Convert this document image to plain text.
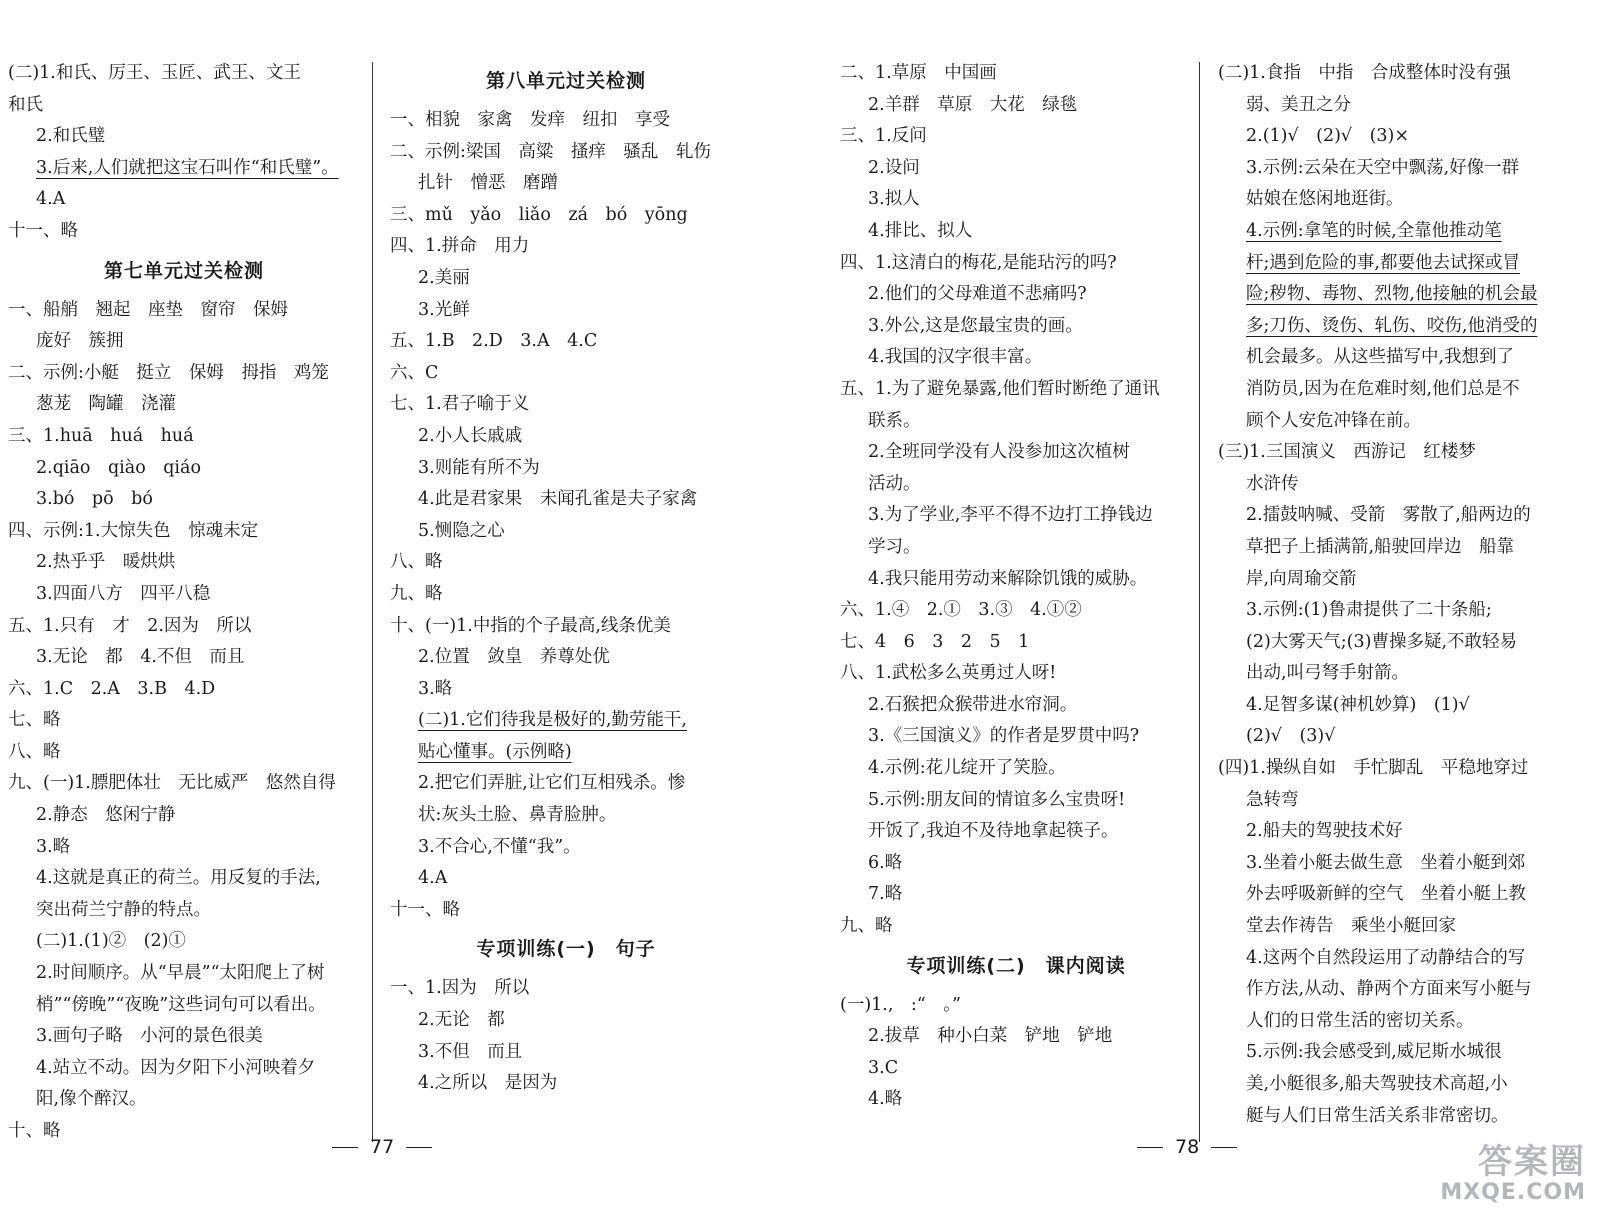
(二)1.和氏、厉王、玉匠、武王、文王
和氏
2.和氏璧
3.后来,人们就把这宝石叫作“和氏璧”。
4.A
十一、略
第七单元过关检测
一、船艄　翘起　座垫　窗帘　保姆
庞好　簇拥
二、示例:小艇　挺立　保姆　拇指　鸡笼
葱茏　陶罐　浇灌
三、1.huā　huá　huá
2.qiāo　qiào　qiáo
3.bó　pō　bó
四、示例:1.大惊失色　惊魂未定
2.热乎乎　暖烘烘
3.四面八方　四平八稳
五、1.只有　才　2.因为　所以
3.无论　都　4.不但　而且
六、1.C　2.A　3.B　4.D
七、略
八、略
九、(一)1.膘肥体壮　无比威严　悠然自得
2.静态　悠闲宁静
3.略
4.这就是真正的荷兰。用反复的手法,
突出荷兰宁静的特点。
(二)1.(1)②　(2)①
2.时间顺序。从“早晨”“太阳爬上了树
梢”“傍晚”“夜晚”这些词句可以看出。
3.画句子略　小河的景色很美
4.站立不动。因为夕阳下小河映着夕
阳,像个醉汉。
十、略
第八单元过关检测
一、相貌　家禽　发痒　纽扣　享受
二、示例:梁国　高粱　搔痒　骚乱　轧伤
扎针　憎恶　磨蹭
三、mǔ　yǎo　liǎo　zá　bó　yōng
四、1.拼命　用力
2.美丽
3.光鲜
五、1.B　2.D　3.A　4.C
六、C
七、1.君子喻于义
2.小人长戚戚
3.则能有所不为
4.此是君家果　未闻孔雀是夫子家禽
5.恻隐之心
八、略
九、略
十、(一)1.中指的个子最高,线条优美
2.位置　敛皇　养尊处优
3.略
(二)1.它们待我是极好的,勤劳能干,
贴心懂事。(示例略)
2.把它们弄脏,让它们互相残杀。惨
状:灰头土脸、鼻青脸肿。
3.不合心,不懂“我”。
4.A
十一、略
专项训练(一)　句子
一、1.因为　所以
2.无论　都
3.不但　而且
4.之所以　是因为
二、1.草原　中国画
2.羊群　草原　大花　绿毯
三、1.反问
2.设问
3.拟人
4.排比、拟人
四、1.这清白的梅花,是能玷污的吗?
2.他们的父母难道不悲痛吗?
3.外公,这是您最宝贵的画。
4.我国的汉字很丰富。
五、1.为了避免暴露,他们暂时断绝了通讯
联系。
2.全班同学没有人没参加这次植树
活动。
3.为了学业,李平不得不边打工挣钱边
学习。
4.我只能用劳动来解除饥饿的威胁。
六、1.④　2.①　3.③　4.①②
七、4　6　3　2　5　1
八、1.武松多么英勇过人呀!
2.石猴把众猴带进水帘洞。
3.《三国演义》的作者是罗贯中吗?
4.示例:花儿绽开了笑脸。
5.示例:朋友间的情谊多么宝贵呀!
开饭了,我迫不及待地拿起筷子。
6.略
7.略
九、略
专项训练(二)　课内阅读
(一)1.,　:“　。”
2.拔草　种小白菜　铲地　铲地
3.C
4.略
(二)1.食指　中指　合成整体时没有强
弱、美丑之分
2.(1)√　(2)√　(3)×
3.示例:云朵在天空中飘荡,好像一群
姑娘在悠闲地逛街。
4.示例:拿笔的时候,全靠他推动笔
杆;遇到危险的事,都要他去试探或冒
险;秽物、毒物、烈物,他接触的机会最
多;刀伤、烫伤、轧伤、咬伤,他消受的
机会最多。从这些描写中,我想到了
消防员,因为在危难时刻,他们总是不
顾个人安危冲锋在前。
(三)1.三国演义　西游记　红楼梦
水浒传
2.擂鼓呐喊、受箭　雾散了,船两边的
草把子上插满箭,船驶回岸边　船靠
岸,向周瑜交箭
3.示例:(1)鲁肃提供了二十条船;
(2)大雾天气;(3)曹操多疑,不敢轻易
出动,叫弓弩手射箭。
4.足智多谋(神机妙算)　(1)√
(2)√　(3)√
(四)1.操纵自如　手忙脚乱　平稳地穿过
急转弯
2.船夫的驾驶技术好
3.坐着小艇去做生意　坐着小艇到郊
外去呼吸新鲜的空气　坐着小艇上教
堂去作祷告　乘坐小艇回家
4.这两个自然段运用了动静结合的写
作方法,从动、静两个方面来写小艇与
人们的日常生活的密切关系。
5.示例:我会感受到,威尼斯水城很
美,小艇很多,船夫驾驶技术高超,小
艇与人们日常生活关系非常密切。
77	78	答案圈
MXQE.COM
